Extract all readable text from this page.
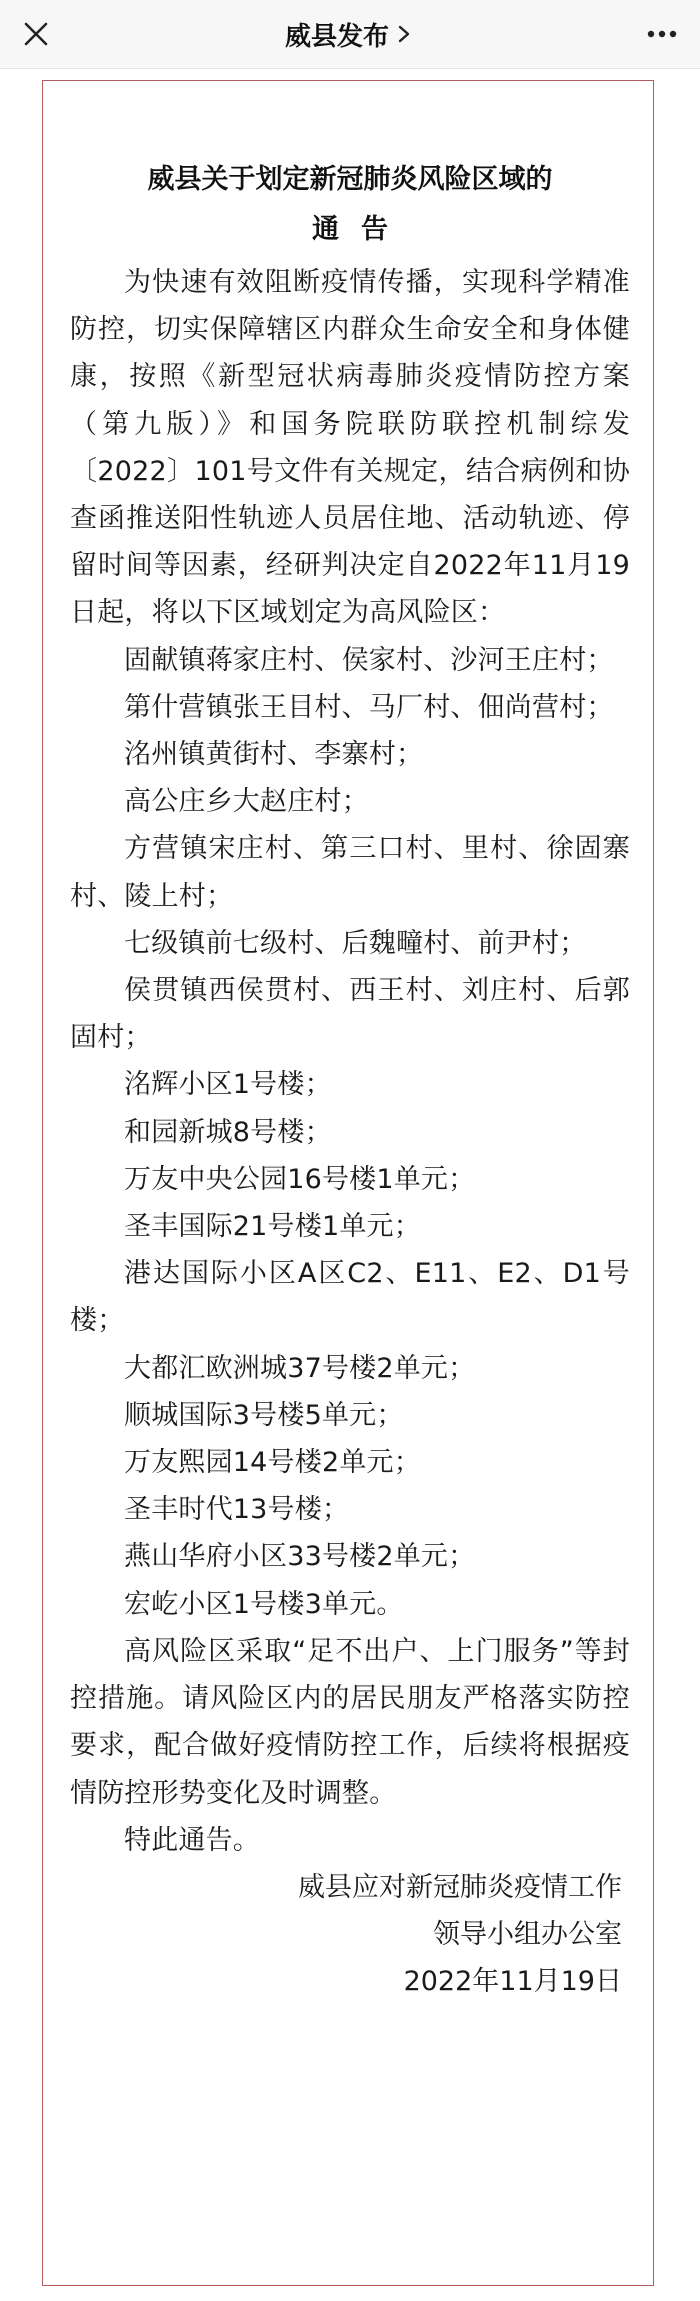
威县发布
威县关于划定新冠肺炎风险区域的
通告

为快速有效阻断疫情传播，实现科学精准防控，切实保障辖区内群众生命安全和身体健康，按照《新型冠状病毒肺炎疫情防控方案（第九版）》和国务院联防联控机制综发〔2022〕101号文件有关规定，结合病例和协查函推送阳性轨迹人员居住地、活动轨迹、停留时间等因素，经研判决定自2022年11月19日起，将以下区域划定为高风险区：

固献镇蒋家庄村、侯家村、沙河王庄村；

第什营镇张王目村、马厂村、佃尚营村；

洺州镇黄街村、李寨村；

高公庄乡大赵庄村；

方营镇宋庄村、第三口村、里村、徐固寨村、陵上村；

七级镇前七级村、后魏疃村、前尹村；

侯贯镇西侯贯村、西王村、刘庄村、后郭固村；

洺辉小区1号楼；

和园新城8号楼；

万友中央公园16号楼1单元；

圣丰国际21号楼1单元；

港达国际小区A区C2、E11、E2、D1号楼；

大都汇欧洲城37号楼2单元；

顺城国际3号楼5单元；

万友熙园14号楼2单元；

圣丰时代13号楼；

燕山华府小区33号楼2单元；

宏屹小区1号楼3单元。

高风险区采取“足不出户、上门服务”等封控措施。请风险区内的居民朋友严格落实防控要求，配合做好疫情防控工作，后续将根据疫情防控形势变化及时调整。

特此通告。

威县应对新冠肺炎疫情工作

领导小组办公室

2022年11月19日
